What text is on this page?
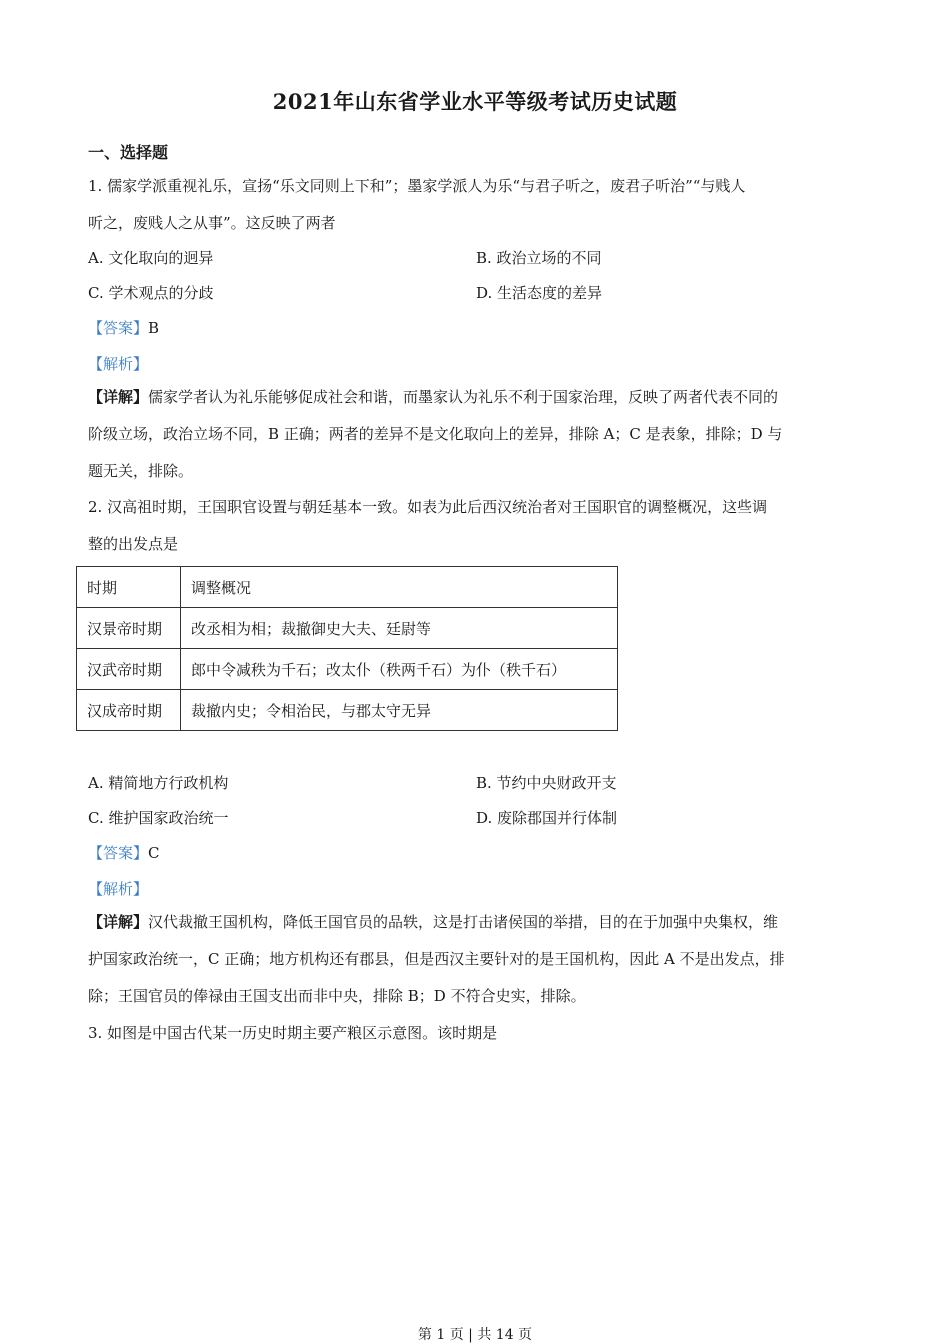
2021年山东省学业水平等级考试历史试题
一、选择题
1. 儒家学派重视礼乐，宣扬“乐文同则上下和”；墨家学派人为乐“与君子听之，废君子听治”“与贱人
听之，废贱人之从事”。这反映了两者
A. 文化取向的迥异	B. 政治立场的不同
C. 学术观点的分歧	D. 生活态度的差异
【答案】B
【解析】
【详解】儒家学者认为礼乐能够促成社会和谐，而墨家认为礼乐不利于国家治理，反映了两者代表不同的
阶级立场，政治立场不同，B 正确；两者的差异不是文化取向上的差异，排除 A；C 是表象，排除；D 与
题无关，排除。
2. 汉高祖时期，王国职官设置与朝廷基本一致。如表为此后西汉统治者对王国职官的调整概况，这些调
整的出发点是
时期	调整概况
汉景帝时期	改丞相为相；裁撤御史大夫、廷尉等
汉武帝时期	郎中令减秩为千石；改太仆（秩两千石）为仆（秩千石）
汉成帝时期	裁撤内史；令相治民，与郡太守无异
A. 精简地方行政机构	B. 节约中央财政开支
C. 维护国家政治统一	D. 废除郡国并行体制
【答案】C
【解析】
【详解】汉代裁撤王国机构，降低王国官员的品轶，这是打击诸侯国的举措，目的在于加强中央集权，维
护国家政治统一，C 正确；地方机构还有郡县，但是西汉主要针对的是王国机构，因此 A 不是出发点，排
除；王国官员的俸禄由王国支出而非中央，排除 B；D 不符合史实，排除。
3. 如图是中国古代某一历史时期主要产粮区示意图。该时期是
第 1 页 | 共 14 页
